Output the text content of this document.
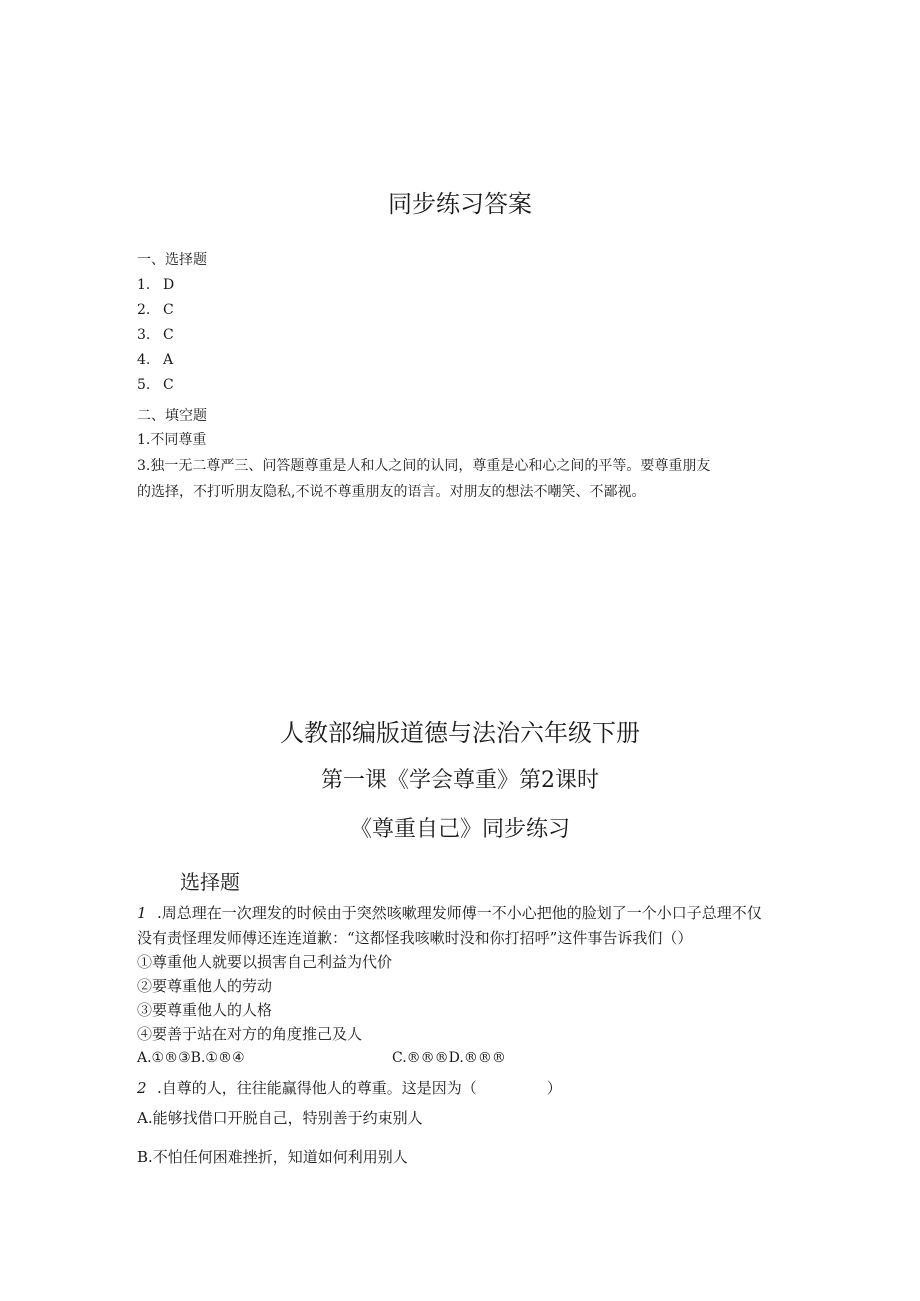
同步练习答案
一、选择题
1. D
2. C
3. C
4. A
5. C
二、填空题
1.不同尊重
3.独一无二尊严三、问答题尊重是人和人之间的认同，尊重是心和心之间的平等。要尊重朋友
的选择，不打听朋友隐私,不说不尊重朋友的语言。对朋友的想法不嘲笑、不鄙视。
人教部编版道德与法治六年级下册
第一课《学会尊重》第2课时
《尊重自己》同步练习
选择题
1 .周总理在一次理发的时候由于突然咳嗽理发师傅一不小心把他的脸划了一个小口子总理不仅
没有责怪理发师傅还连连道歉：“这都怪我咳嗽时没和你打招呼”这件事告诉我们（）
①尊重他人就要以损害自己利益为代价
②要尊重他人的劳动
③要尊重他人的人格
④要善于站在对方的角度推己及人
A.①®③B.①®④	C.®®®D.®®®
2 .自尊的人，往往能赢得他人的尊重。这是因为（	）
A.能够找借口开脱自己，特别善于约束别人
B.不怕任何困难挫折，知道如何利用别人
